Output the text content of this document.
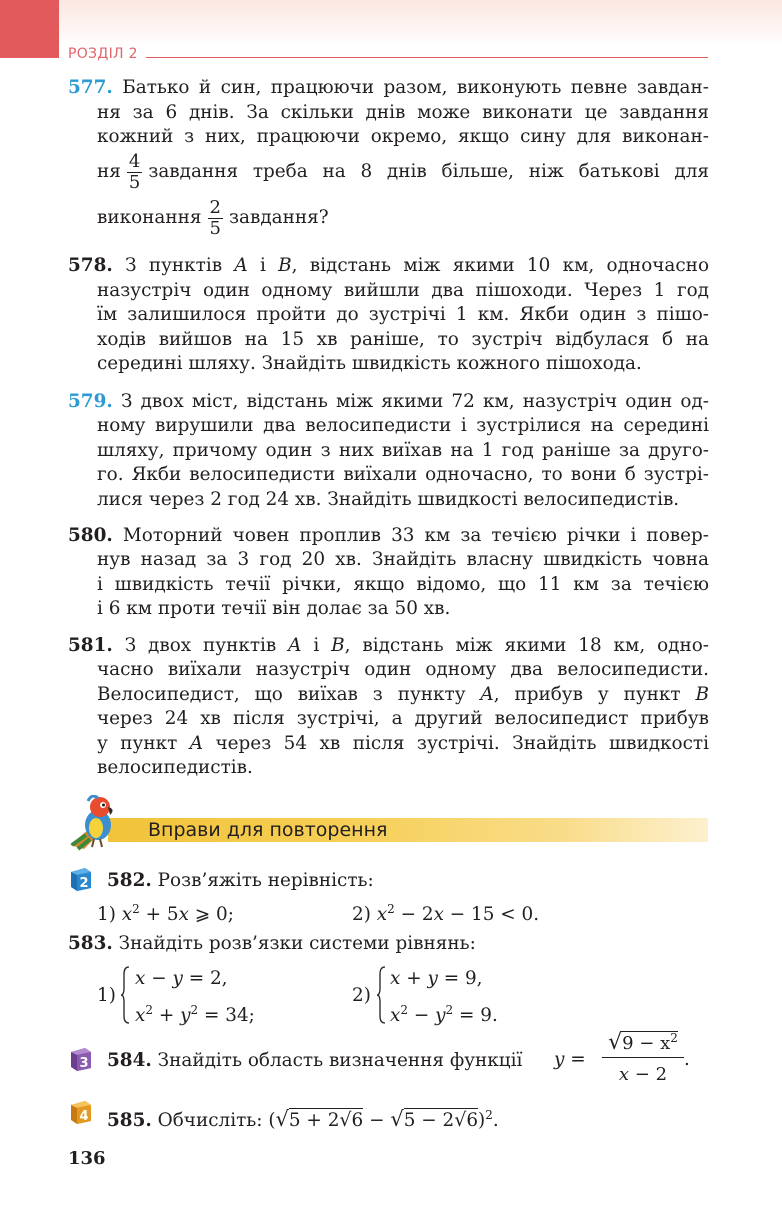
РОЗДІЛ 2
577. Батько й син, працюючи разом, виконують певне завдан-
ня за 6 днів. За скільки днів може виконати це завдання
кожний з них, працюючи окремо, якщо сину для виконан-
ня $\frac{4}{5}$ завдання треба на 8 днів більше, ніж батькові для
виконання $\frac{2}{5}$ завдання?
578. З пунктів A і B, відстань між якими 10 км, одночасно
назустріч один одному вийшли два пішоходи. Через 1 год
їм залишилося пройти до зустрічі 1 км. Якби один з пішо-
ходів вийшов на 15 хв раніше, то зустріч відбулася б на
середині шляху. Знайдіть швидкість кожного пішохода.
579. З двох міст, відстань між якими 72 км, назустріч один од-
ному вирушили два велосипедисти і зустрілися на середині
шляху, причому один з них виїхав на 1 год раніше за друго-
го. Якби велосипедисти виїхали одночасно, то вони б зустрі-
лися через 2 год 24 хв. Знайдіть швидкості велосипедистів.
580. Моторний човен проплив 33 км за течією річки і повер-
нув назад за 3 год 20 хв. Знайдіть власну швидкість човна
і швидкість течії річки, якщо відомо, що 11 км за течією
і 6 км проти течії він долає за 50 хв.
581. З двох пунктів A і B, відстань між якими 18 км, одно-
часно виїхали назустріч один одному два велосипедисти.
Велосипедист, що виїхав з пункту A, прибув у пункт B
через 24 хв після зустрічі, а другий велосипедист прибув
у пункт A через 54 хв після зустрічі. Знайдіть швидкості
велосипедистів.
Вправи для повторення
2 582. Розв’яжіть нерівність:
1) $x^2 + 5x$ ⩾ 0;	2) $x^2 - 2x - 15 < 0$.
583. Знайдіть розв’язки системи рівнянь:
1)
x − y = 2,
$x^2 + y^2 = 34$;
2)
x + y = 9,
$x^2 - y^2 = 9$.
3 584. Знайдіть область визначення функції	y =
$√9 - x^2$
x − 2
.
4 585. Обчисліть: $(√5 + 2√6 - √5 - 2√6)^2$.
136
